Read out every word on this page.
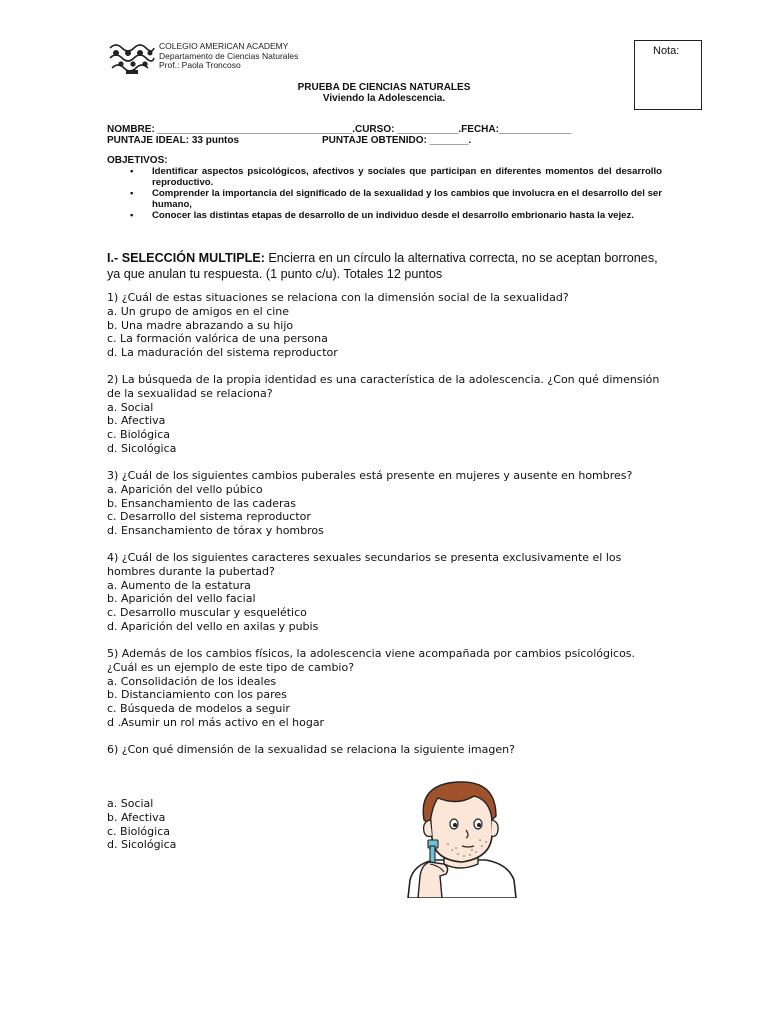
COLEGIO AMERICAN ACADEMY
Departamento de Ciencias Naturales
Prof.: Paola Troncoso
Nota:
PRUEBA DE CIENCIAS NATURALES
Viviendo la Adolescencia.
NOMBRE: ___________________________________.CURSO: ___________.FECHA:_____________
PUNTAJE IDEAL: 33 puntos	PUNTAJE OBTENIDO: _______.
OBJETIVOS:
• Identificar aspectos psicológicos, afectivos y sociales que participan en diferentes momentos del desarrollo reproductivo.
• Comprender la importancia del significado de la sexualidad y los cambios que involucra en el desarrollo del ser humano,
• Conocer las distintas etapas de desarrollo de un individuo desde el desarrollo embrionario hasta la vejez.
I.- SELECCIÓN MULTIPLE: Encierra en un círculo la alternativa correcta, no se aceptan borrones, ya que anulan tu respuesta. (1 punto c/u). Totales 12 puntos
1) ¿Cuál de estas situaciones se relaciona con la dimensión social de la sexualidad?
a. Un grupo de amigos en el cine
b. Una madre abrazando a su hijo
c. La formación valórica de una persona
d. La maduración del sistema reproductor
2) La búsqueda de la propia identidad es una característica de la adolescencia. ¿Con qué dimensión de la sexualidad se relaciona?
a. Social
b. Afectiva
c. Biológica
d. Sicológica
3) ¿Cuál de los siguientes cambios puberales está presente en mujeres y ausente en hombres?
a. Aparición del vello púbico
b. Ensanchamiento de las caderas
c. Desarrollo del sistema reproductor
d. Ensanchamiento de tórax y hombros
4) ¿Cuál de los siguientes caracteres sexuales secundarios se presenta exclusivamente el los hombres durante la pubertad?
a. Aumento de la estatura
b. Aparición del vello facial
c. Desarrollo muscular y esquelético
d. Aparición del vello en axilas y pubis
5) Además de los cambios físicos, la adolescencia viene acompañada por cambios psicológicos. ¿Cuál es un ejemplo de este tipo de cambio?
a. Consolidación de los ideales
b. Distanciamiento con los pares
c. Búsqueda de modelos a seguir
d .Asumir un rol más activo en el hogar
6) ¿Con qué dimensión de la sexualidad se relaciona la siguiente imagen?
a. Social
b. Afectiva
c. Biológica
d. Sicológica
